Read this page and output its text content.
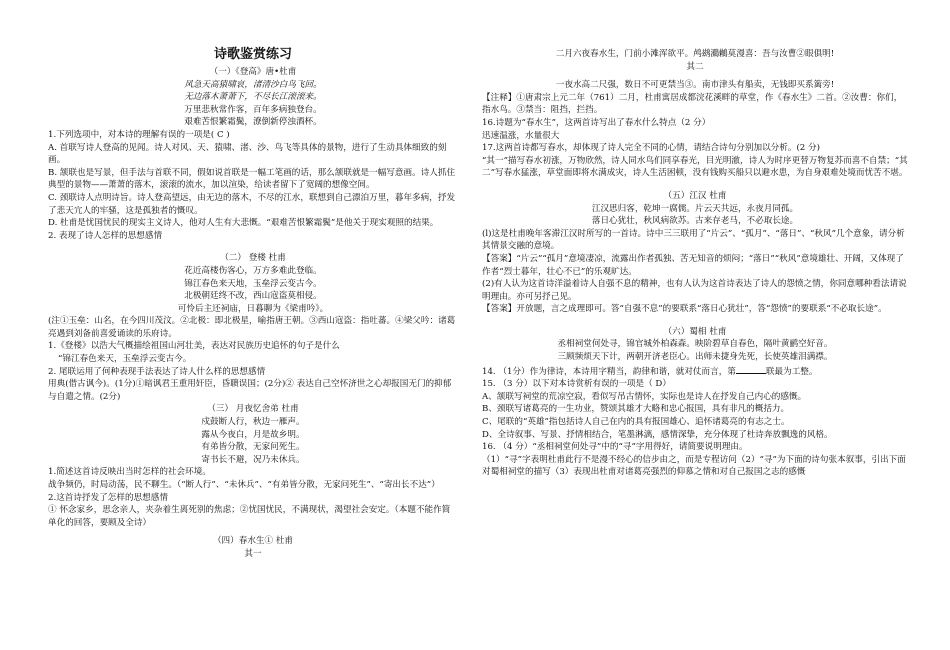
诗歌鉴赏练习

（一）《登高》唐•杜甫

风急天高猿啸哀，渚清沙白鸟飞回。

无边落木萧萧下，不尽长江滚滚来。

万里悲秋常作客，百年多病独登台。

艰难苦恨繁霜鬓，潦倒新停浊酒杯。

1.下列选项中，对本诗的理解有误的一项是( C )

A. 首联写诗人登高的见闻。诗人对风、天、猿啸、渚、沙、鸟飞等具体的景物，进行了生动具体细致的刻画。

B. 颔联也是写景，但手法与首联不同，假如说首联是一幅工笔画的话，那么颔联就是一幅写意画。诗人抓住典型的景物——萧萧的落木，滚滚的流水，加以渲染，给读者留下了宽阔的想像空间。

C. 颈联诗人点明诗旨。诗人登高望远，由无边的落木，不尽的江水，联想到自己漂泊万里，暮年多病，抒发了悲天宂人的牢骚，这是孤独者的慨叹。

D. 杜甫是忧国忧民的现实主义诗人，他对人生有大悲慨。“艰难苦恨繁霜鬓”是他关于现实观照的结果。

2. 表现了诗人怎样的思想感情

（二） 登楼 杜甫

花近高楼伤客心，万方多难此登临。

锦江春色来天地，玉垒浮云变古今。

北极朝廷终不改，西山寇盗莫相侵。

可怜后主还祠庙，日暮聊为《梁甫吟》。

(注①玉垒：山名，在今四川茂汶。②北极：即北极星，喻指唐王朝。③西山寇盗：指吐蕃。④梁父吟：诸葛亮遇到刘备前喜爱诵读的乐府诗。

1.《登楼》以浩大气概描绘祖国山河壮美，表达对民族历史追怀的句子是什么

“锦江春色来天，玉垒浮云变古今。

2. 尾联运用了何种表现手法表达了诗人什么样的思想感情

用典(借古讽今)。(1分)①暗讽君王重用奸臣，昏聩误国；(2分)② 表达自己空怀济世之心却报国无门的抑郁与自遣之情。(2分)

（三） 月夜忆舍弟 杜甫

戍鼓断人行，秋边一雁声。

露从今夜白，月是故乡明。

有弟皆分散，无家问死生。

寄书长不避，况乃未休兵。

1.简述这首诗反映出当时怎样的社会环境。

战争频仍，时局动荡，民不聊生。（“断人行”、“未休兵”、“有弟皆分散，无家问死生”、“寄出长不达”）

2.这首诗抒发了怎样的思想感情

① 怀念家乡，思念亲人，夹杂着生离死别的焦虑；②忧国忧民，不满现状，渴望社会安定。（本题不能作简单化的回答，要顾及全诗）

（四）春水生① 杜甫

其一

二月六夜春水生，门前小滩浑欲平。鸬鹚鸂鶒莫漫喜：吾与汝曹②眼俱明!

其二

一夜水高二尺强，数日不可更禁当③。南市津头有船卖，无钱即买系篱旁!

【注释】①唐肃宗上元二年（761）二月，杜甫寓居成都浣花溪畔的草堂，作《春水生》二首。②汝曹：你们，指水鸟。③禁当：阻挡，拦挡。

16.诗题为“春水生”，这两首诗写出了春水什么特点（2 分）

迅速温涨，水量很大

17.这两首诗都写春水，却体现了诗人完全不同的心情，请结合诗句分别加以分析。(2 分)

“其一”描写春水初涨，万物欣然，诗人同水鸟们同享春光，目光明澈，诗人为时序更替万物复苏而喜不自禁；“其二”写春水猛涨，草堂面即将水满成灾，诗人生活困顿，没有钱购买船只以避水患，为自身艰难处境而忧苦不堪。

（五）江汉 杜甫

江汉思归客，乾坤一腐儒。片云天共远，永夜月同孤。

落日心犹壮，秋风病欲苏。古来存老马，不必取长途。

(l)这是杜甫晚年客滞江汉时所写的一首诗。诗中三三联用了“片云”、“孤月”、“落日”、“秋风”几个意象，请分析其情景交融的意境。

【答案】“片云”“孤月”意境凄凉，流露出作者孤独、苦无知音的烦闷；“落日”“秋风”意境雄壮、开阔，又体现了作者“烈士暮年，壮心不已”的乐观旷达。

(2)有人认为这首诗洋溢着诗人自强不息的精神，也有人认为这首诗表达了诗人的怨愤之情，你同意哪种看法请说明理由。亦可另抒己见。

【答案】开放题，言之成理即可。答“自强不息”的要联系“落日心犹壮”，答“怨愤”的要联系“不必取长途”。

（六）蜀相 杜甫

丞相祠堂何处寻，锦官城外柏森森。映阶碧草自春色，隔叶黄鹂空好音。

三顾频烦天下计，两朝开济老臣心。出师未捷身先死，长使英雄泪满襟。

14. （1分）作为律诗，本诗用字精当，韵律和谐，就对仗而言，第	联最为工整。

15. （3 分）以下对本诗赏析有误的一项是（ D）

A、颔联写祠堂的荒凉空寂，看似写吊古情怀，实际也是诗人在抒发自己内心的感慨。

B、颈联写诸葛亮的一生功业，赞颂其雄才大略和忠心报国，具有非凡的概括力。

C、尾联的“英雄”指包括诗人自己在内的具有报国雄心、追怀诸葛亮的有志之士。

D、全诗叙事、写景、抒情相结合，笔墨淋漓，感情深挚，充分体现了杜诗奔放飘逸的风格。

16. （4 分）“丞相祠堂何处寻”中的“寻”字用得好，请简要说明理由。

（1）“寻”字表明杜甫此行不是漫不经心的信步由之，而是专程访问（2）“寻”为下面的诗句张本叙事，引出下面对蜀相祠堂的描写（3）表现出杜甫对诸葛亮强烈的仰慕之情和对自己报国之志的感慨
